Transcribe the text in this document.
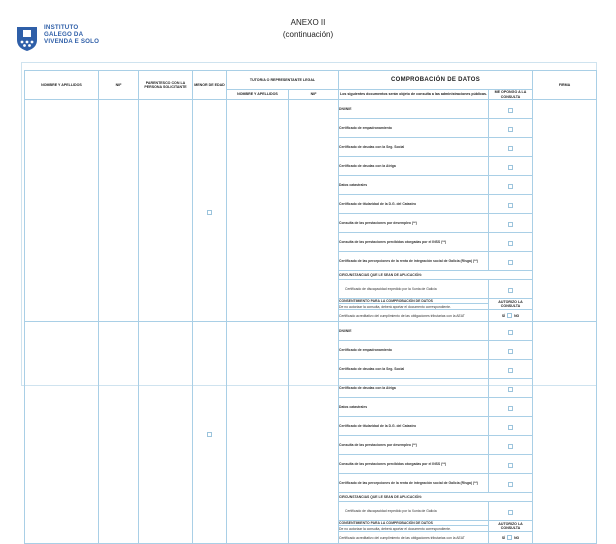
INSTITUTO
GALEGO DA
VIVENDA E SOLO
ANEXO II
(continuación)
NOMBRE Y APELLIDOS	NIF	PARENTESCO CON LA PERSONA SOLICITANTE	MENOR DE EDAD	TUTOR/A O REPRESENTANTE LEGAL		COMPROBACIÓN DE DATOS		FIRMA
				NOMBRE Y APELLIDOS	NIF	Los siguientes documentos serán objeto de consulta a las administraciones públicas.	ME OPONGO A LA CONSULTA	
						DNI/NIE		
						Certificado de empadronamiento		
						Certificado de deudas con la Seg. Social		
						Certificado de deudas con la Atriga		
						Datos catastrales		
						Certificado de titularidad de la D.G. del Catastro		
						Consulta de las prestaciones por desempleo (**)		
						Consulta de las prestaciones percibidas otorgadas por el INSS (**)		
						Certificado de las percepciones de la renta de integración social de Galicia (Risga) (**)		
						CIRCUNSTANCIAS QUE LE SEAN DE APLICACIÓN:		
						Certificado de discapacidad expedido por la Xunta de Galicia		
						CONSENTIMIENTO PARA LA COMPROBACIÓN DE DATOS	AUTORIZO LA CONSULTA	
						De no autorizar la consulta, deberá aportar el documento correspondiente.		
						Certificado acreditativo del cumplimiento de las obligaciones tributarias con la AEAT	SÍ NO	

						DNI/NIE		
						Certificado de empadronamiento		
						Certificado de deudas con la Seg. Social		
						Certificado de deudas con la Atriga		
						Datos catastrales		
						Certificado de titularidad de la D.G. del Catastro		
						Consulta de las prestaciones por desempleo (**)		
						Consulta de las prestaciones percibidas otorgadas por el INSS (**)		
						Certificado de las percepciones de la renta de integración social de Galicia (Risga) (**)		
						CIRCUNSTANCIAS QUE LE SEAN DE APLICACIÓN:		
						Certificado de discapacidad expedido por la Xunta de Galicia		
						CONSENTIMIENTO PARA LA COMPROBACIÓN DE DATOS	AUTORIZO LA CONSULTA	
						De no autorizar la consulta, deberá aportar el documento correspondiente.		
						Certificado acreditativo del cumplimiento de las obligaciones tributarias con la AEAT	SÍ NO	
